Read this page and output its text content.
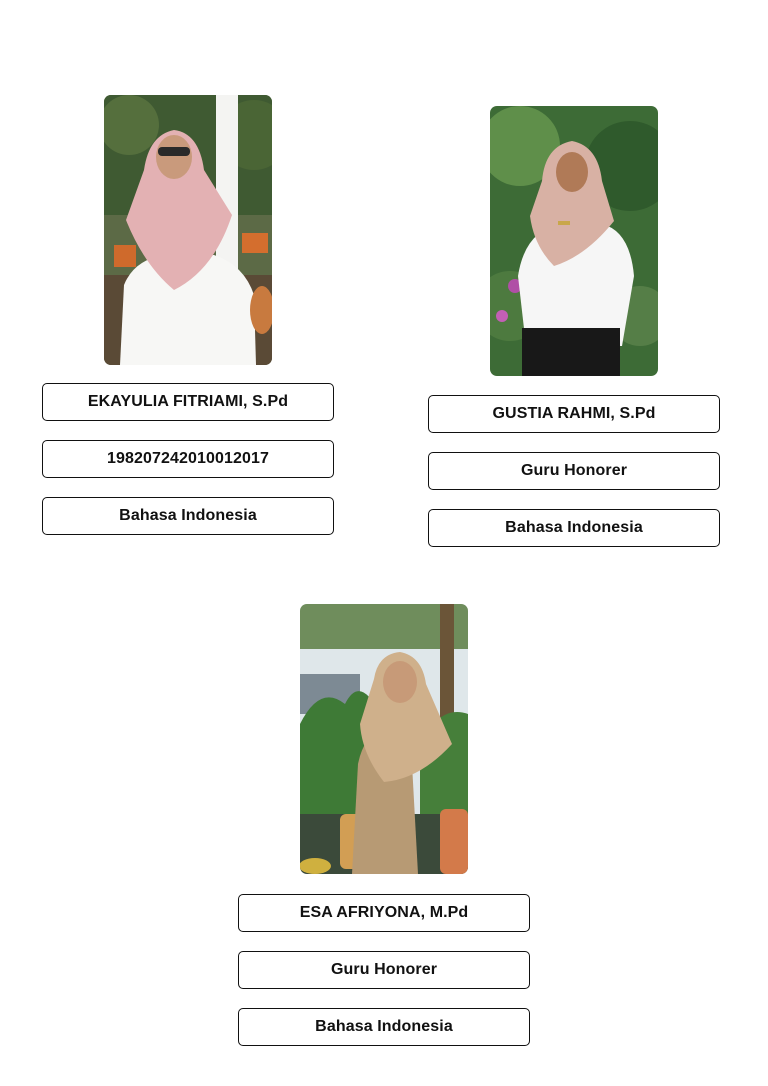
EKAYULIA FITRIAMI, S.Pd
198207242010012017
Bahasa Indonesia
GUSTIA RAHMI, S.Pd
Guru Honorer
Bahasa Indonesia
ESA AFRIYONA, M.Pd
Guru Honorer
Bahasa Indonesia
